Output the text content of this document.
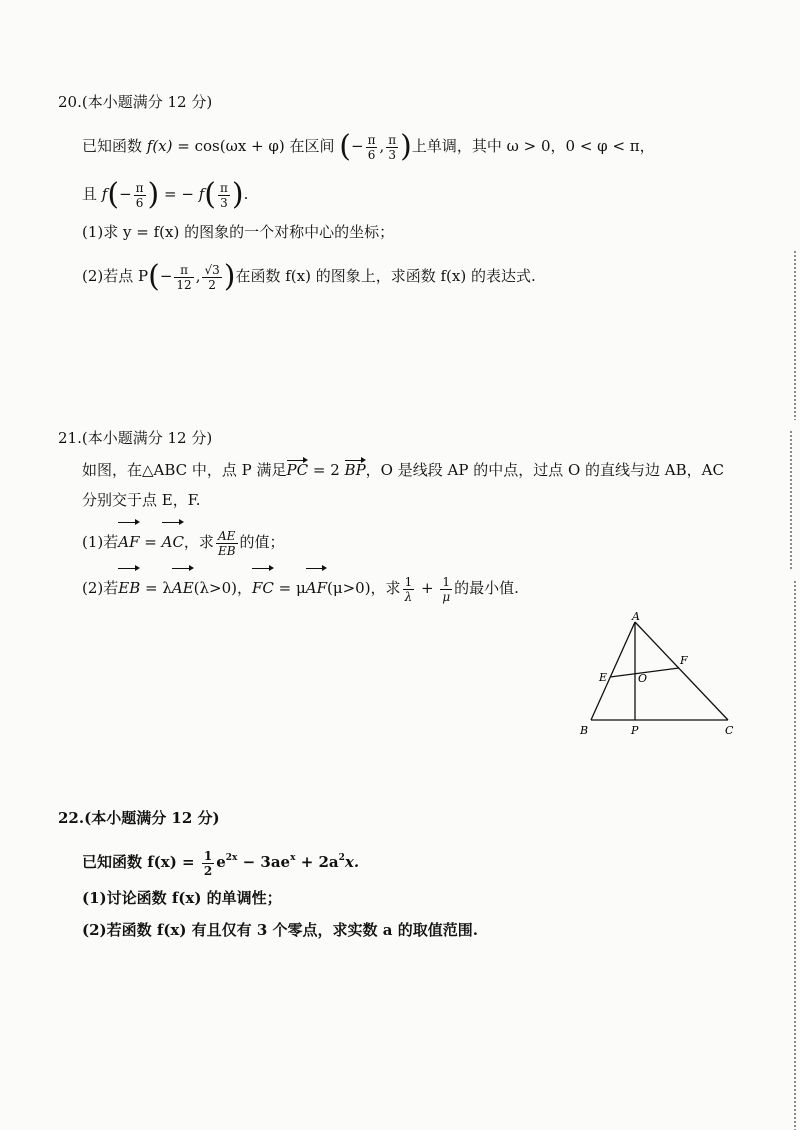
20.(本小题满分 12 分)
已知函数 f(x) = cos(ωx + φ) 在区间 (− $\frac{\pi}{6}$ , $\frac{\pi}{3}$ )上单调，其中 ω > 0，0 < φ < π，
且 $f(- \frac{\pi}{6}$ ) = − $f( \frac{\pi}{3}$ ).
(1)求 y = f(x) 的图象的一个对称中心的坐标；
(2)若点 $P(- \frac{\pi}{12}$ , $\frac{√3}{2}$ )在函数 f(x) 的图象上，求函数 f(x) 的表达式.
21.(本小题满分 12 分)
如图，在△ABC 中，点 P 满足PC = 2 BP，O 是线段 AP 的中点，过点 O 的直线与边 AB，AC
分别交于点 E，F.
(1)若AF = AC，求 $\frac{AE}{EB}$ 的值；
(2)若EB = λAE(λ>0)，FC = μAF(μ>0)，求 $\frac{1}{\lambda} + \frac{1}{\mu}$ 的最小值.
A
B	C
E
F
O
P
22.(本小题满分 12 分)
已知函数 $f(x) = \frac{1}{2} e^{2x} - 3ae^x + 2a^2x$.
(1)讨论函数 f(x) 的单调性；
(2)若函数 f(x) 有且仅有 3 个零点，求实数 a 的取值范围.
